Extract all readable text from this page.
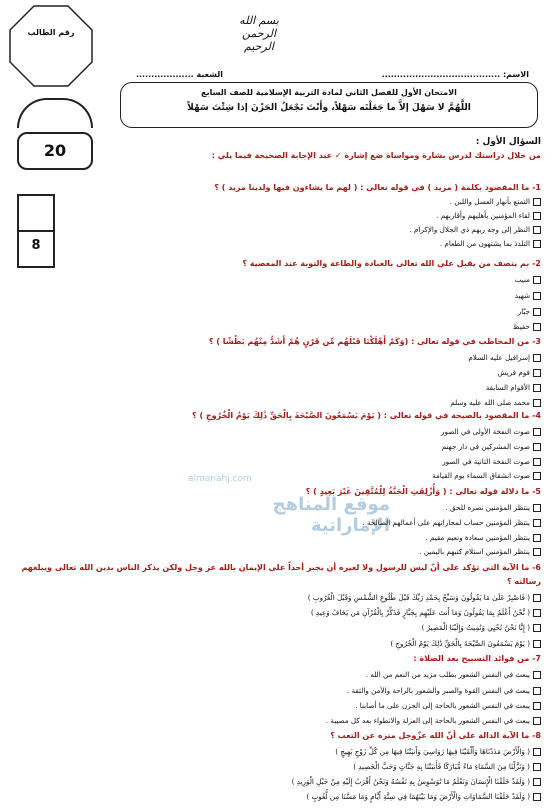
رقم الطالب
بسم الله الرحمن الرحيم
الاسم: .......................................
الشعبة ...................
الامتحان الأول للفصل الثاني لمادة التربية الإسلامية للصف السابع
اللَّهُمَّ لا سَهْلَ إلاَّ ما جَعَلْتَه سَهْلاً، وأَنْتَ تَجْعَلُ الحَزْنَ إذا شِئْتَ سَهْلاً
20
8
السؤال الأول :
من خلال دراستك لدرس بشارة ومواساة ضع إشارة ✓ عند الإجابة الصحيحة فيما يلي :
1- ما المقصود بكلمة ( مزيد ) في قوله تعالى : ( لهم ما يشاءون فيها ولدينا مزيد ) ؟
التمتع بأنهار العسل واللبن .
لقاء المؤمنين بأهليهم وأقاربهم .
النظر إلى وجه ربهم ذي الجلال والإكرام .
التلذذ بما يشتهون من الطعام .
2- بم يتصف من يقبل على الله تعالى بالعبادة والطاعة والتوبة عند المعصية ؟
منيب
شهيد
جبّار
حفيظ
3- من المخاطب في قوله تعالى : (وَكَمْ أَهْلَكْنَا قَبْلَهُم مِّن قَرْنٍ هُمْ أَشَدُّ مِنْهُم بَطْشًا ) ؟
إسرافيل عليه السلام
قوم قريش
الأقوام السابقة
محمد صلى الله عليه وسلم
4- ما المقصود بالصيحة في قوله تعالى : ( يَوْمَ يَسْمَعُونَ الصَّيْحَةَ بِالْحَقِّ ذَٰلِكَ يَوْمُ الْخُرُوجِ ) ؟
صوت النفخة الأولى في الصور
صوت المشركين في دار جهنم
صوت النفخة الثانية في الصور
صوت انشقاق السماء يوم القيامة
almanahj.com
موقع المناهج الإماراتية
5- ما دلالة قوله تعالى : ( وَأُزْلِفَتِ الْجَنَّةُ لِلْمُتَّقِينَ غَيْرَ بَعِيدٍ ) ؟
ينتظر المؤمنين نصره للحق .
ينتظر المؤمنين حساب لمجازاتهم على أعمالهم الصالحة .
ينتظر المؤمنين سعادة ونعيم مقيم .
ينتظر المؤمنين استلام كتبهم باليمين .
6- ما الآية التي تؤكد على أنّ ليس للرسول ولا لغيره أن يجبر أحداً على الإيمان بالله عز وجل ولكن يذكر الناس بدين الله تعالى ويبلغهم رسالته ؟
( فَاصْبِرْ عَلَىٰ مَا يَقُولُونَ وَسَبِّحْ بِحَمْدِ رَبِّكَ قَبْلَ طُلُوعِ الشَّمْسِ وَقَبْلَ الْغُرُوبِ )
( نَّحْنُ أَعْلَمُ بِمَا يَقُولُونَ وَمَا أَنتَ عَلَيْهِم بِجَبَّارٍ فَذَكِّرْ بِالْقُرْآنِ مَن يَخَافُ وَعِيدِ )
( إِنَّا نَحْنُ نُحْيِي وَنُمِيتُ وَإِلَيْنَا الْمَصِيرُ )
( يَوْمَ يَسْمَعُونَ الصَّيْحَةَ بِالْحَقِّ ذَٰلِكَ يَوْمُ الْخُرُوجِ )
7- من فوائد التسبيح بعد الصلاة :
يبعث في النفس الشعور بطلب مزيد من النعم من الله .
يبعث في النفس القوة والصبر والشعور بالراحة والأمن والثقة .
يبعث في النفس الشعور بالحاجة إلى الحزن على ما أصابنا .
يبعث في النفس الشعور بالحاجة إلى العزلة والانطواء بعد كل مصيبة .
8- ما الآية الدالة على أنّ الله عزّوجل منزه عن التعب ؟
( وَالْأَرْضَ مَدَدْنَاهَا وَأَلْقَيْنَا فِيهَا رَوَاسِيَ وَأَنبَتْنَا فِيهَا مِن كُلِّ زَوْجٍ بَهِيجٍ )
( وَنَزَّلْنَا مِنَ السَّمَاءِ مَاءً مُّبَارَكًا فَأَنبَتْنَا بِهِ جَنَّاتٍ وَحَبَّ الْحَصِيدِ )
( وَلَقَدْ خَلَقْنَا الْإِنسَانَ وَنَعْلَمُ مَا تُوَسْوِسُ بِهِ نَفْسُهُ وَنَحْنُ أَقْرَبُ إِلَيْهِ مِنْ حَبْلِ الْوَرِيدِ )
( وَلَقَدْ خَلَقْنَا السَّمَاوَاتِ وَالْأَرْضَ وَمَا بَيْنَهُمَا فِي سِتَّةِ أَيَّامٍ وَمَا مَسَّنَا مِن لُّغُوبٍ )
